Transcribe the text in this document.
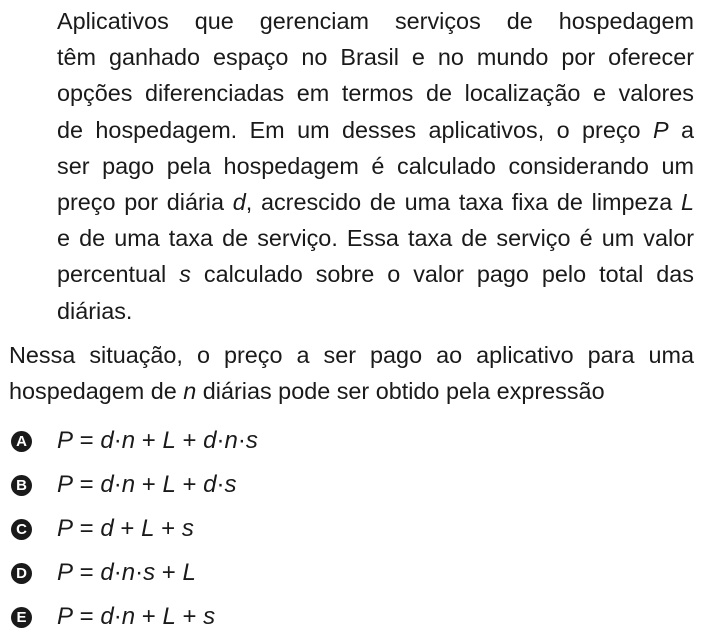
Aplicativos que gerenciam serviços de hospedagem
têm ganhado espaço no Brasil e no mundo por oferecer
opções diferenciadas em termos de localização e valores
de hospedagem. Em um desses aplicativos, o preço P a
ser pago pela hospedagem é calculado considerando um
preço por diária d, acrescido de uma taxa fixa de limpeza L
e de uma taxa de serviço. Essa taxa de serviço é um valor
percentual s calculado sobre o valor pago pelo total das
diárias.
Nessa situação, o preço a ser pago ao aplicativo para uma
hospedagem de n diárias pode ser obtido pela expressão
A P = d·n + L + d·n·s
B P = d·n + L + d·s
C P = d + L + s
D P = d·n·s + L
E P = d·n + L + s
